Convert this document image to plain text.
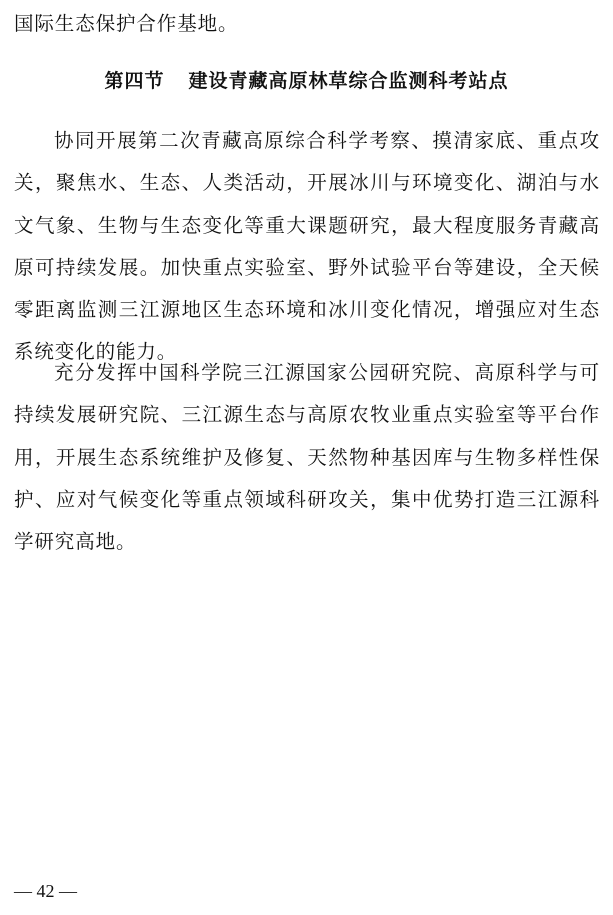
国际生态保护合作基地。
第四节 建设青藏高原林草综合监测科考站点
协同开展第二次青藏高原综合科学考察、摸清家底、重点攻关，聚焦水、生态、人类活动，开展冰川与环境变化、湖泊与水文气象、生物与生态变化等重大课题研究，最大程度服务青藏高原可持续发展。加快重点实验室、野外试验平台等建设，全天候零距离监测三江源地区生态环境和冰川变化情况，增强应对生态系统变化的能力。
充分发挥中国科学院三江源国家公园研究院、高原科学与可持续发展研究院、三江源生态与高原农牧业重点实验室等平台作用，开展生态系统维护及修复、天然物种基因库与生物多样性保护、应对气候变化等重点领域科研攻关，集中优势打造三江源科学研究高地。
— 42 —
